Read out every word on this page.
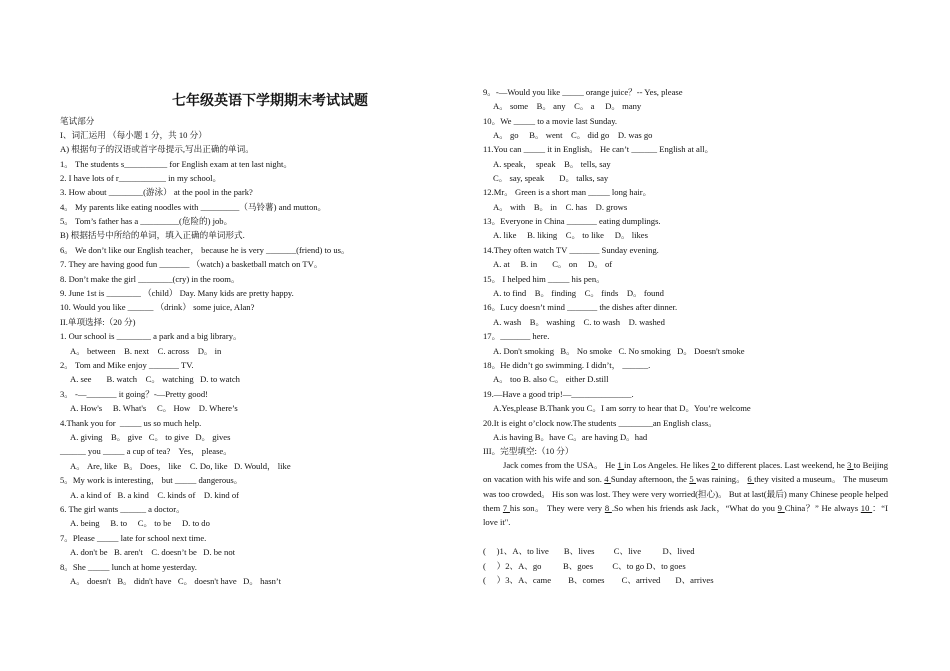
七年级英语下学期期末考试试题
笔试部分
I、词汇运用 （每小题 1 分，共 10 分）
A) 根据句子的汉语或首字母提示,写出正确的单词。
1。 The students s__________ for English exam at ten last night。
2. I have lots of r___________ in my school。
3. How about ________(游泳） at the pool in the park?
4。 My parents like eating noodles with _________（马铃薯) and mutton。
5。 Tom’s father has a _________(危险的) job。
B) 根据括号中所给的单词，填入正确的单词形式.
6。 We don’t like our English teacher， because he is very _______(friend) to us。
7. They are having good fun _______ （watch) a basketball match on TV。
8. Don’t make the girl ________(cry) in the room。
9. June 1st is ________ （child） Day. Many kids are pretty happy.
10. Would you like ______ （drink） some juice, Alan?
II.单项选择:（20 分)
1. Our school is ________ a park and a big library。
A。 between    B. next    C. across    D。 in
2。 Tom and Mike enjoy _______ TV.
A. see       B. watch    C。 watching   D. to watch
3。 -—_______ it going？-—Pretty good!
A. How's     B. What's     C。 How    D. Where’s
4.Thank you for  _____ us so much help.
A. giving    B。 give   C。 to give   D。 gives
______ you _____ a cup of tea?    Yes， please。
A。 Are, like   B。 Does， like    C. Do, like   D. Would， like
5。My work is interesting， but _____ dangerous。
A. a kind of   B. a kind    C. kinds of    D. kind of
6. The girl wants ______ a doctor。
A. being     B. to     C。 to be     D. to do
7。Please _____ late for school next time.
A. don't be   B. aren't    C. doesn’t be   D. be not
8。She _____ lunch at home yesterday.
A。 doesn't   B。 didn't have   C。 doesn't have   D。 hasn’t
Jack comes from the USA。 He 1 in Los Angeles. He likes 2 to different places. Last weekend, he 3 to Beijing on vacation with his wife and son. 4 Sunday afternoon, the 5 was raining。 6 they visited a museum。 The museum was too crowded。 His son was lost. They were very worried(担心)。 But at last(最后) many Chinese people helped them 7 his son。 They were very 8 .So when his friends ask Jack，“What do you 9 China？” He always 10 ：“I love it".
9。-—Would you like _____ orange juice？-- Yes, please
A。 some    B。 any    C。 a     D。 many
10。We _____ to a movie last Sunday.
A。 go     B。 went    C。 did go    D. was go
11.You can _____ it in English。 He can’t ______ English at all。
A. speak，  speak    B。 tells, say
C。 say, speak       D。 talks, say
12.Mr。 Green is a short man _____ long hair。
A。 with    B。 in    C. has    D. grows
13。Everyone in China _______ eating dumplings.
A. like     B. liking    C。 to like     D。 likes
14.They often watch TV _______ Sunday evening.
A. at     B. in       C。 on     D。 of
15。 I helped him _____ his pen。
A. to find    B。 finding    C。 finds    D。 found
16。Lucy doesn’t mind _______ the dishes after dinner.
A. wash    B。 washing    C. to wash    D. washed
17。_______ here.
A. Don't smoking   B。 No smoke   C. No smoking   D。 Doesn't smoke
18。He didn’t go swimming. I didn’t， ______.
A。 too B. also C。 either D.still
19.—Have a good trip!—______________.
A.Yes,please B.Thank you C。I am sorry to hear that D。You’re welcome
20.It is eight o’clock now.The students ________an English class。
A.is having B。have C。are having D。had
III。完型填空:（10 分）
(     )1、A、to live       B、lives         C、live          D、lived
(     ）2、A、go          B、goes         C、to go D、to goes
(     ）3、A、came        B、comes        C、arrived       D、arrives
